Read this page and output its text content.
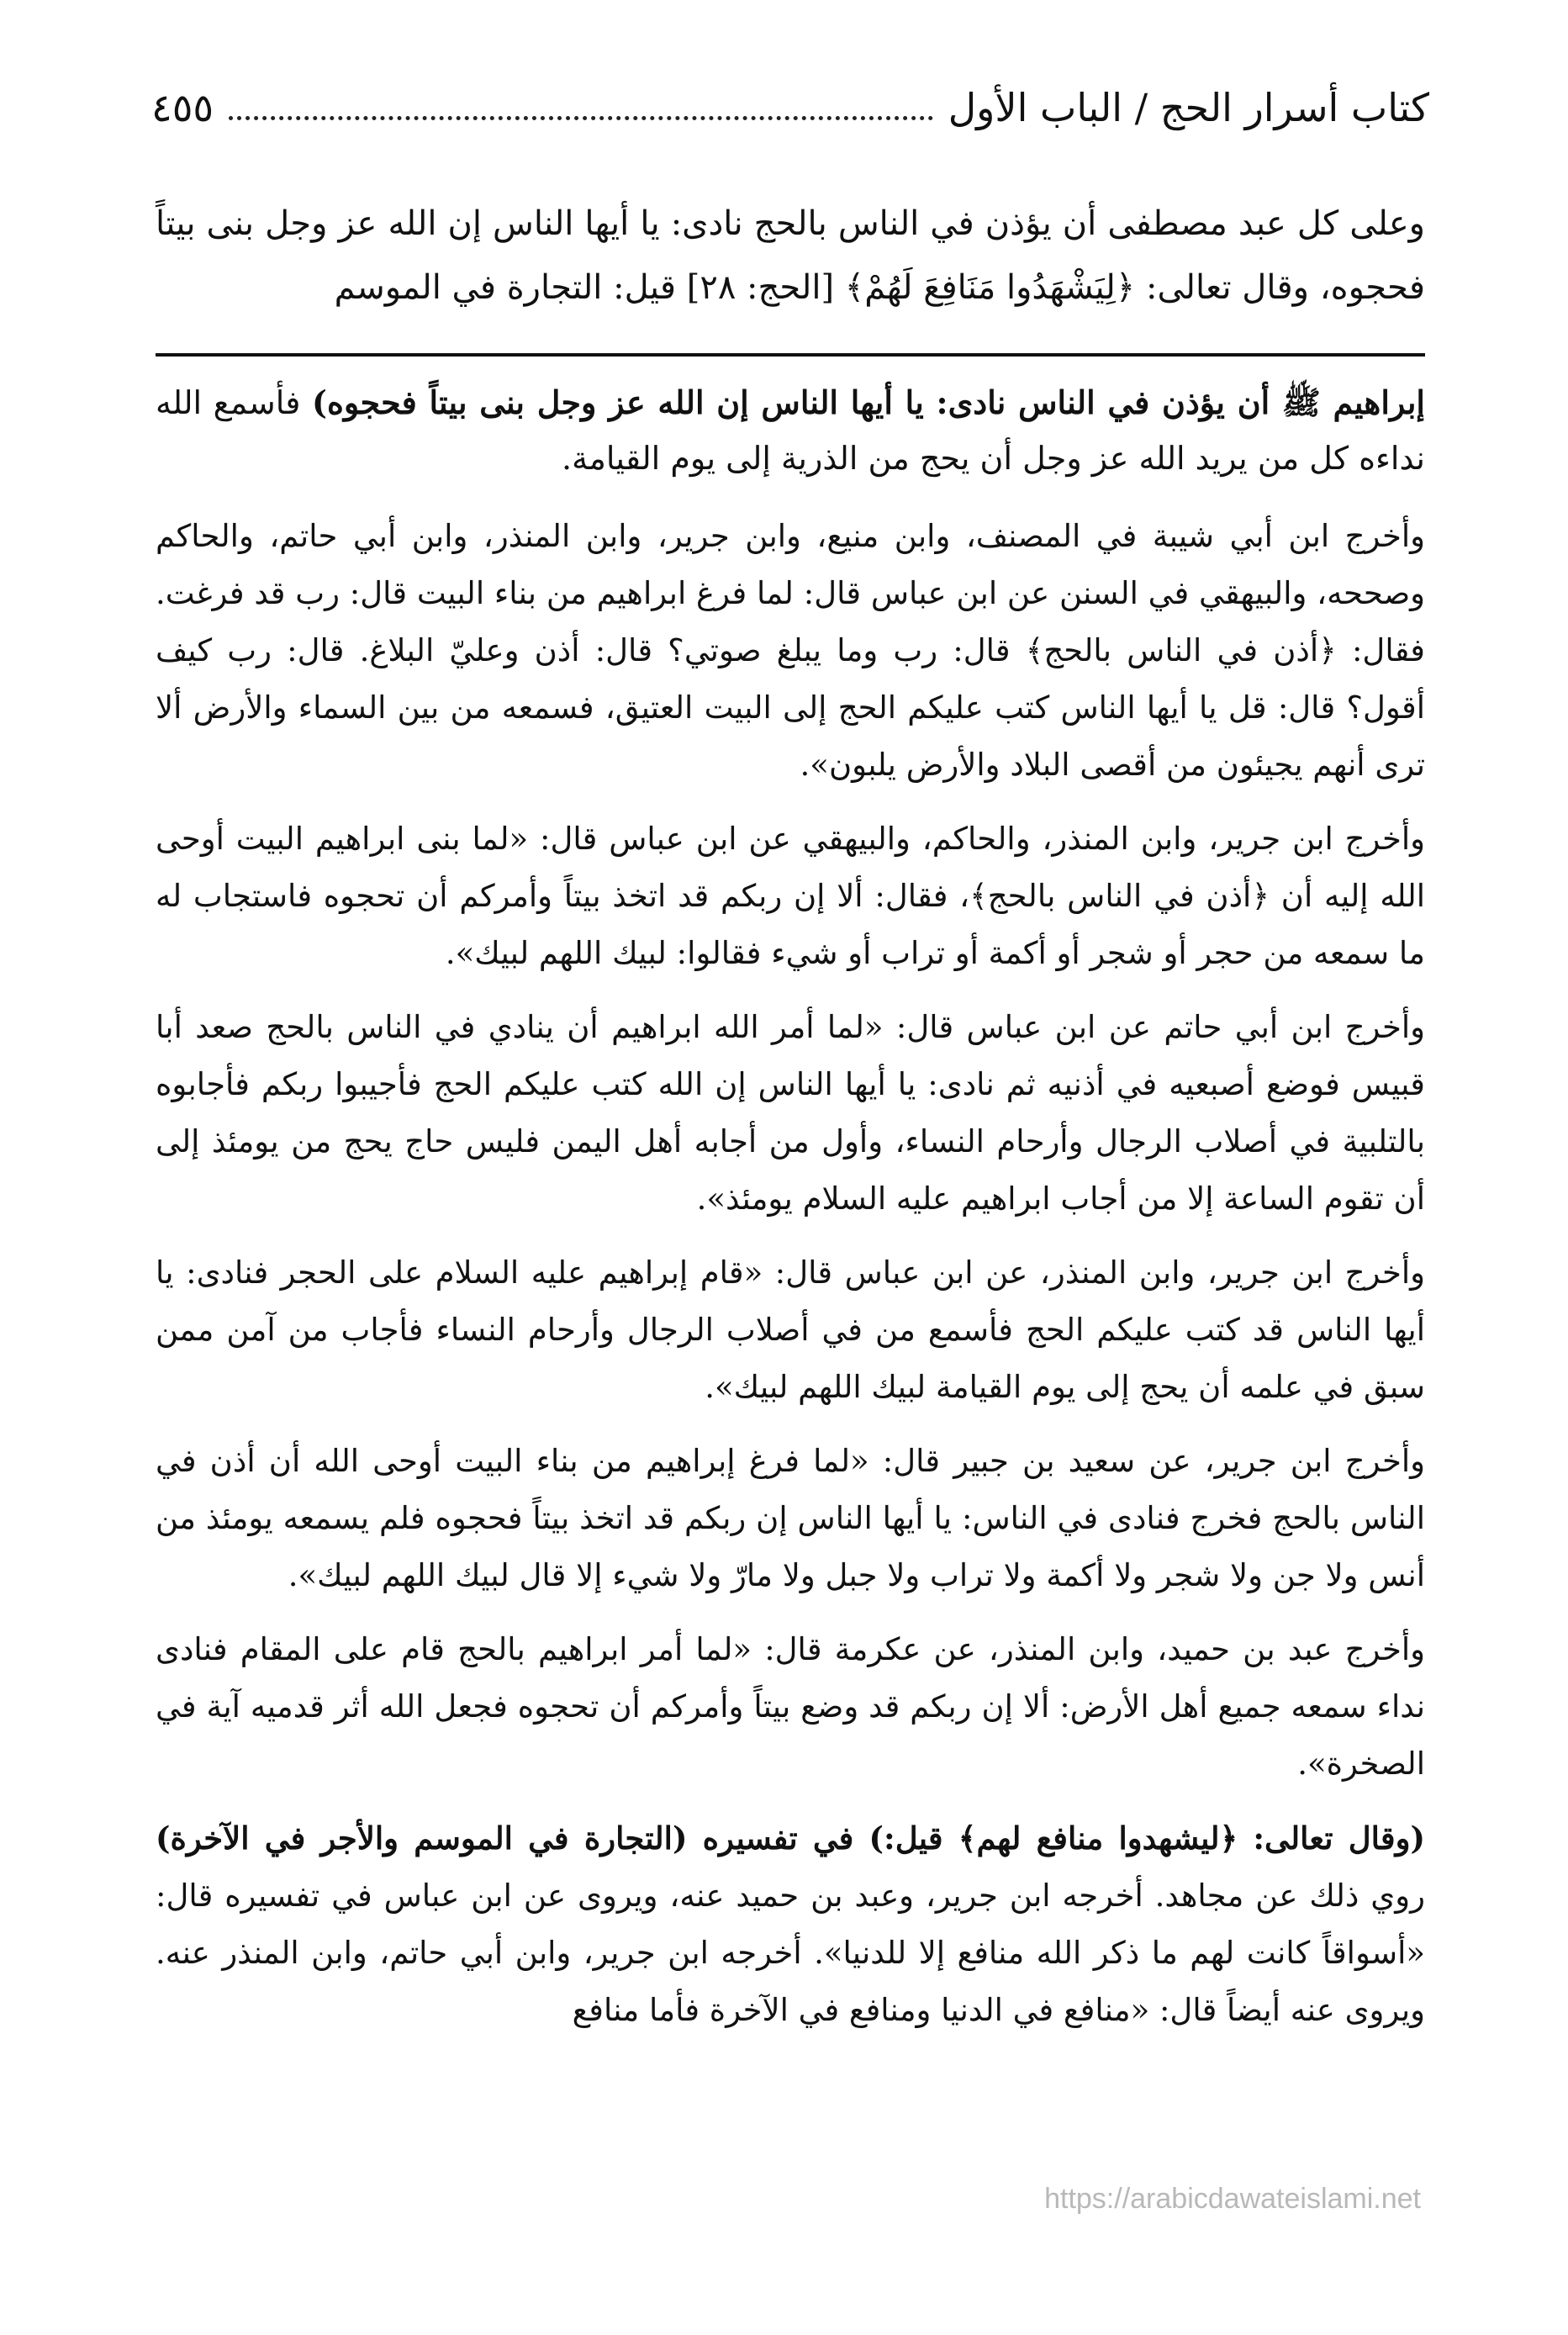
كتاب أسرار الحج / الباب الأول
٤٥٥
وعلى كل عبد مصطفى أن يؤذن في الناس بالحج نادى: يا أيها الناس إن الله عز وجل بنى بيتاً فحجوه، وقال تعالى: ﴿لِيَشْهَدُوا مَنَافِعَ لَهُمْ﴾ [الحج: ٢٨] قيل: التجارة في الموسم

إبراهيم ﷺ أن يؤذن في الناس نادى: يا أيها الناس إن الله عز وجل بنى بيتاً فحجوه) فأسمع الله نداءه كل من يريد الله عز وجل أن يحج من الذرية إلى يوم القيامة.

وأخرج ابن أبي شيبة في المصنف، وابن منيع، وابن جرير، وابن المنذر، وابن أبي حاتم، والحاكم وصححه، والبيهقي في السنن عن ابن عباس قال: لما فرغ ابراهيم من بناء البيت قال: رب قد فرغت. فقال: ﴿أذن في الناس بالحج﴾ قال: رب وما يبلغ صوتي؟ قال: أذن وعليّ البلاغ. قال: رب كيف أقول؟ قال: قل يا أيها الناس كتب عليكم الحج إلى البيت العتيق، فسمعه من بين السماء والأرض ألا ترى أنهم يجيئون من أقصى البلاد والأرض يلبون».

وأخرج ابن جرير، وابن المنذر، والحاكم، والبيهقي عن ابن عباس قال: «لما بنى ابراهيم البيت أوحى الله إليه أن ﴿أذن في الناس بالحج﴾، فقال: ألا إن ربكم قد اتخذ بيتاً وأمركم أن تحجوه فاستجاب له ما سمعه من حجر أو شجر أو أكمة أو تراب أو شيء فقالوا: لبيك اللهم لبيك».

وأخرج ابن أبي حاتم عن ابن عباس قال: «لما أمر الله ابراهيم أن ينادي في الناس بالحج صعد أبا قبيس فوضع أصبعيه في أذنيه ثم نادى: يا أيها الناس إن الله كتب عليكم الحج فأجيبوا ربكم فأجابوه بالتلبية في أصلاب الرجال وأرحام النساء، وأول من أجابه أهل اليمن فليس حاج يحج من يومئذ إلى أن تقوم الساعة إلا من أجاب ابراهيم عليه السلام يومئذ».

وأخرج ابن جرير، وابن المنذر، عن ابن عباس قال: «قام إبراهيم عليه السلام على الحجر فنادى: يا أيها الناس قد كتب عليكم الحج فأسمع من في أصلاب الرجال وأرحام النساء فأجاب من آمن ممن سبق في علمه أن يحج إلى يوم القيامة لبيك اللهم لبيك».

وأخرج ابن جرير، عن سعيد بن جبير قال: «لما فرغ إبراهيم من بناء البيت أوحى الله أن أذن في الناس بالحج فخرج فنادى في الناس: يا أيها الناس إن ربكم قد اتخذ بيتاً فحجوه فلم يسمعه يومئذ من أنس ولا جن ولا شجر ولا أكمة ولا تراب ولا جبل ولا مارّ ولا شيء إلا قال لبيك اللهم لبيك».

وأخرج عبد بن حميد، وابن المنذر، عن عكرمة قال: «لما أمر ابراهيم بالحج قام على المقام فنادى نداء سمعه جميع أهل الأرض: ألا إن ربكم قد وضع بيتاً وأمركم أن تحجوه فجعل الله أثر قدميه آية في الصخرة».

(وقال تعالى: ﴿ليشهدوا منافع لهم﴾ قيل:) في تفسيره (التجارة في الموسم والأجر في الآخرة) روي ذلك عن مجاهد. أخرجه ابن جرير، وعبد بن حميد عنه، ويروى عن ابن عباس في تفسيره قال: «أسواقاً كانت لهم ما ذكر الله منافع إلا للدنيا». أخرجه ابن جرير، وابن أبي حاتم، وابن المنذر عنه. ويروى عنه أيضاً قال: «منافع في الدنيا ومنافع في الآخرة فأما منافع

https://arabicdawateislami.net
